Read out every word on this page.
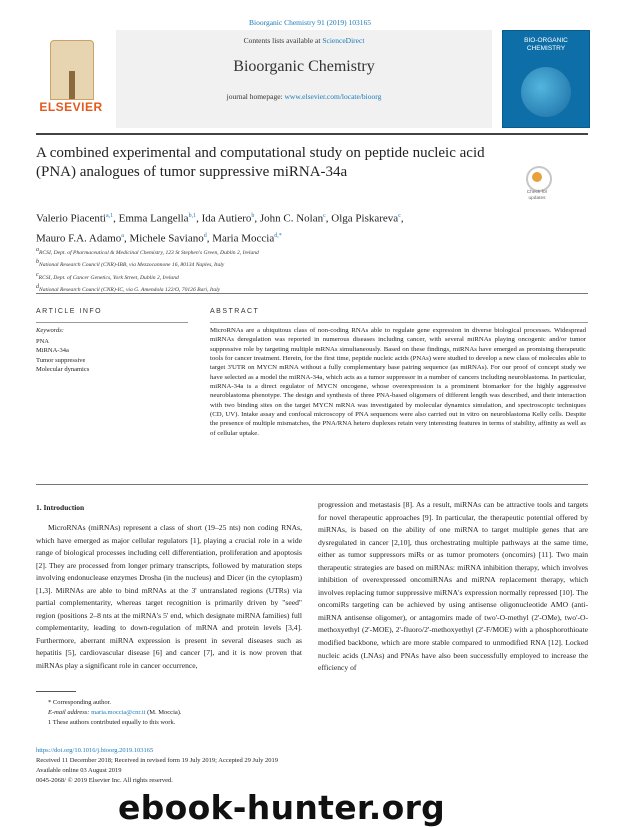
Bioorganic Chemistry 91 (2019) 103165
ELSEVIER
Contents lists available at ScienceDirect
Bioorganic Chemistry
journal homepage: www.elsevier.com/locate/bioorg
BIO-ORGANIC CHEMISTRY
A combined experimental and computational study on peptide nucleic acid (PNA) analogues of tumor suppressive miRNA-34a
Check for updates
Valerio Piacenti$^{a,1}$, Emma Langella$^{b,1}$, Ida Autiero$^b$, John C. Nolan$^c$, Olga Piskareva$^c$,
Mauro F.A. Adamo$^a$, Michele Saviano$^d$, Maria Moccia$^{d,*}$
$^a$RCSI, Dept. of Pharmaceutical & Medicinal Chemistry, 123 St Stephen's Green, Dublin 2, Ireland
$^b$National Research Council (CNR)-IBB, via Mezzocannone 16, 80134 Naples, Italy
$^c$RCSI, Dept. of Cancer Genetics, York Street, Dublin 2, Ireland
$^d$National Research Council (CNR)-IC, via G. Amendola 122/O, 70126 Bari, Italy
ARTICLE INFO
Keywords:
PNA
MiRNA-34a
Tumor suppressive
Molecular dynamics
ABSTRACT
MicroRNAs are a ubiquitous class of non-coding RNAs able to regulate gene expression in diverse biological processes. Widespread miRNAs deregulation was reported in numerous diseases including cancer, with several miRNAs playing oncogenic and/or tumor suppressive role by targeting multiple mRNAs simultaneously. Based on these findings, miRNAs have emerged as promising therapeutic tools for cancer treatment. Herein, for the first time, peptide nucleic acids (PNAs) were studied to develop a new class of molecules able to target 3'UTR on MYCN mRNA without a fully complementary base pairing sequence (as miRNAs). For our proof of concept study we have selected as a model the miRNA-34a, which acts as a tumor suppressor in a number of cancers including neuroblastoma. In particular, miRNA-34a is a direct regulator of MYCN oncogene, whose overexpression is a prominent biomarker for the highly aggressive neuroblastoma phenotype. The design and synthesis of three PNA-based oligomers of different length was described, and their interaction with two binding sites on the target MYCN mRNA was investigated by molecular dynamics simulation, and spectroscopic techniques (CD, UV). Intake assay and confocal microscopy of PNA sequences were also carried out in vitro on neuroblastoma Kelly cells. Despite the presence of multiple mismatches, the PNA/RNA hetero duplexes retain very interesting features in terms of stability, affinity as well as of cellular uptake.
1. Introduction
MicroRNAs (miRNAs) represent a class of short (19–25 nts) non coding RNAs, which have emerged as major cellular regulators [1], playing a crucial role in a wide range of biological processes including cell differentiation, proliferation and apoptosis [2]. They are processed from longer primary transcripts, followed by maturation steps involving endonuclease enzymes Drosha (in the nucleus) and Dicer (in the cytoplasm) [1,3]. MiRNAs are able to bind mRNAs at the 3' untranslated regions (UTRs) via partial complementarity, whereas target recognition is primarily driven by "seed" region (positions 2–8 nts at the miRNA's 5' end, which designate miRNA families) full complementarity, leading to down-regulation of mRNA and protein levels [3,4]. Furthermore, aberrant miRNA expression is present in several diseases such as hepatitis [5], cardiovascular disease [6] and cancer [7], and it is now proven that miRNAs play a significant role in cancer occurrence,
progression and metastasis [8]. As a result, miRNAs can be attractive tools and targets for novel therapeutic approaches [9]. In particular, the therapeutic potential offered by miRNAs, is based on the ability of one miRNA to target multiple genes that are dysregulated in cancer [2,10], thus orchestrating multiple pathways at the same time, either as tumor suppressors miRs or as tumor promoters (oncomirs) [11]. Two main therapeutic strategies are based on miRNAs: miRNA inhibition therapy, which involves inhibition of overexpressed oncomiRNAs and miRNA replacement therapy, which involves replacing tumor suppressive miRNA's expression normally repressed [10]. The oncomiRs targeting can be achieved by using antisense oligonucleotide AMO (anti-miRNA antisense oligomer), or antagomirs made of two'-O-methyl (2'-OMe), two'-O-methoxyethyl (2'-MOE), 2'-fluoro/2'-methoxyethyl (2'-F/MOE) with a phosphorothioate modified backbone, which are more stable compared to unmodified RNA [12]. Locked nucleic acids (LNAs) and PNAs have also been successfully employed to increase the efficiency of
* Corresponding author.
E-mail address: maria.moccia@cnr.it (M. Moccia).
1 These authors contributed equally to this work.
https://doi.org/10.1016/j.bioorg.2019.103165
Received 11 December 2018; Received in revised form 19 July 2019; Accepted 29 July 2019
Available online 03 August 2019
0045-2068/ © 2019 Elsevier Inc. All rights reserved.
ebook-hunter.org
